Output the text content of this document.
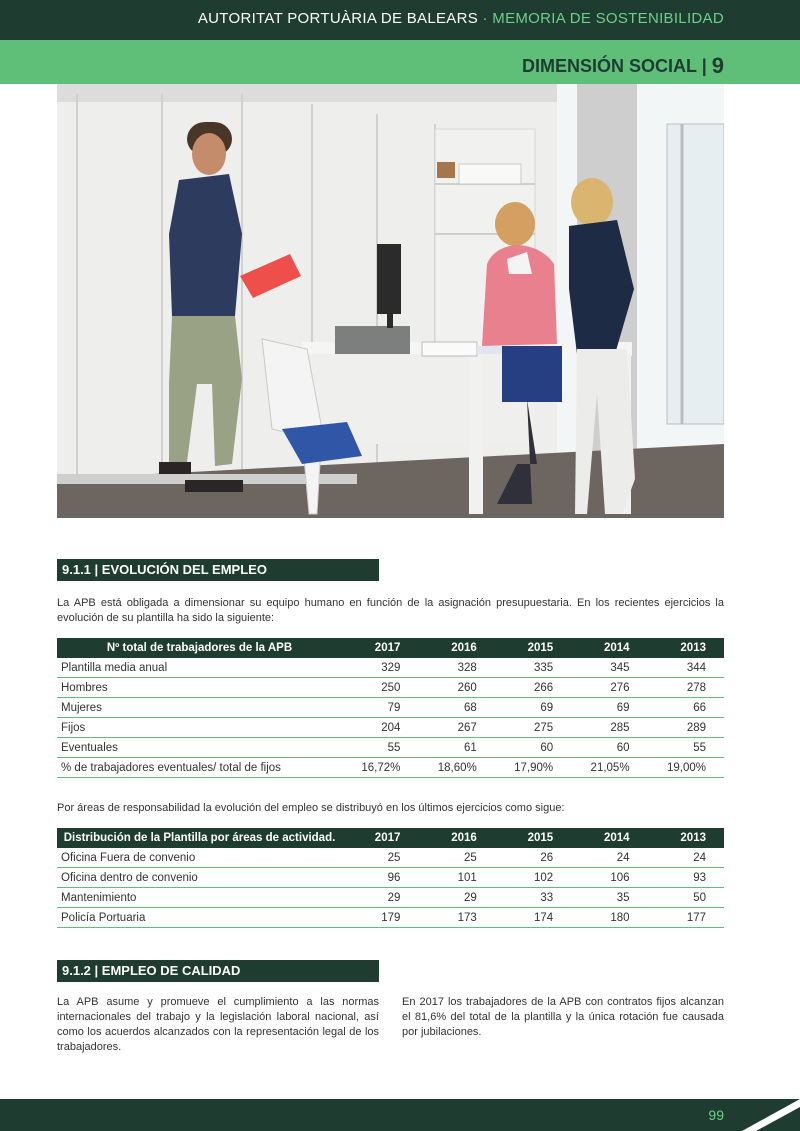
AUTORITAT PORTUÀRIA DE BALEARS · MEMORIA DE SOSTENIBILIDAD
DIMENSIÓN SOCIAL | 9
9.1.1 | EVOLUCIÓN DEL EMPLEO
La APB está obligada a dimensionar su equipo humano en función de la asignación presupuestaria. En los recientes ejercicios la evolución de su plantilla ha sido la siguiente:
Nº total de trabajadores de la APB	2017	2016	2015	2014	2013
Plantilla media anual	329	328	335	345	344
Hombres	250	260	266	276	278
Mujeres	79	68	69	69	66
Fijos	204	267	275	285	289
Eventuales	55	61	60	60	55
% de trabajadores eventuales/ total de fijos	16,72%	18,60%	17,90%	21,05%	19,00%
Por áreas de responsabilidad la evolución del empleo se distribuyó en los últimos ejercicios como sigue:
Distribución de la Plantilla por áreas de actividad.	2017	2016	2015	2014	2013
Oficina Fuera de convenio	25	25	26	24	24
Oficina dentro de convenio	96	101	102	106	93
Mantenimiento	29	29	33	35	50
Policía Portuaria	179	173	174	180	177
9.1.2 | EMPLEO DE CALIDAD
La APB asume y promueve el cumplimiento a las normas internacionales del trabajo y la legislación laboral nacional, así como los acuerdos alcanzados con la representación legal de los trabajadores.
En 2017 los trabajadores de la APB con contratos fijos alcanzan el 81,6% del total de la plantilla y la única rotación fue causada por jubilaciones.
99
